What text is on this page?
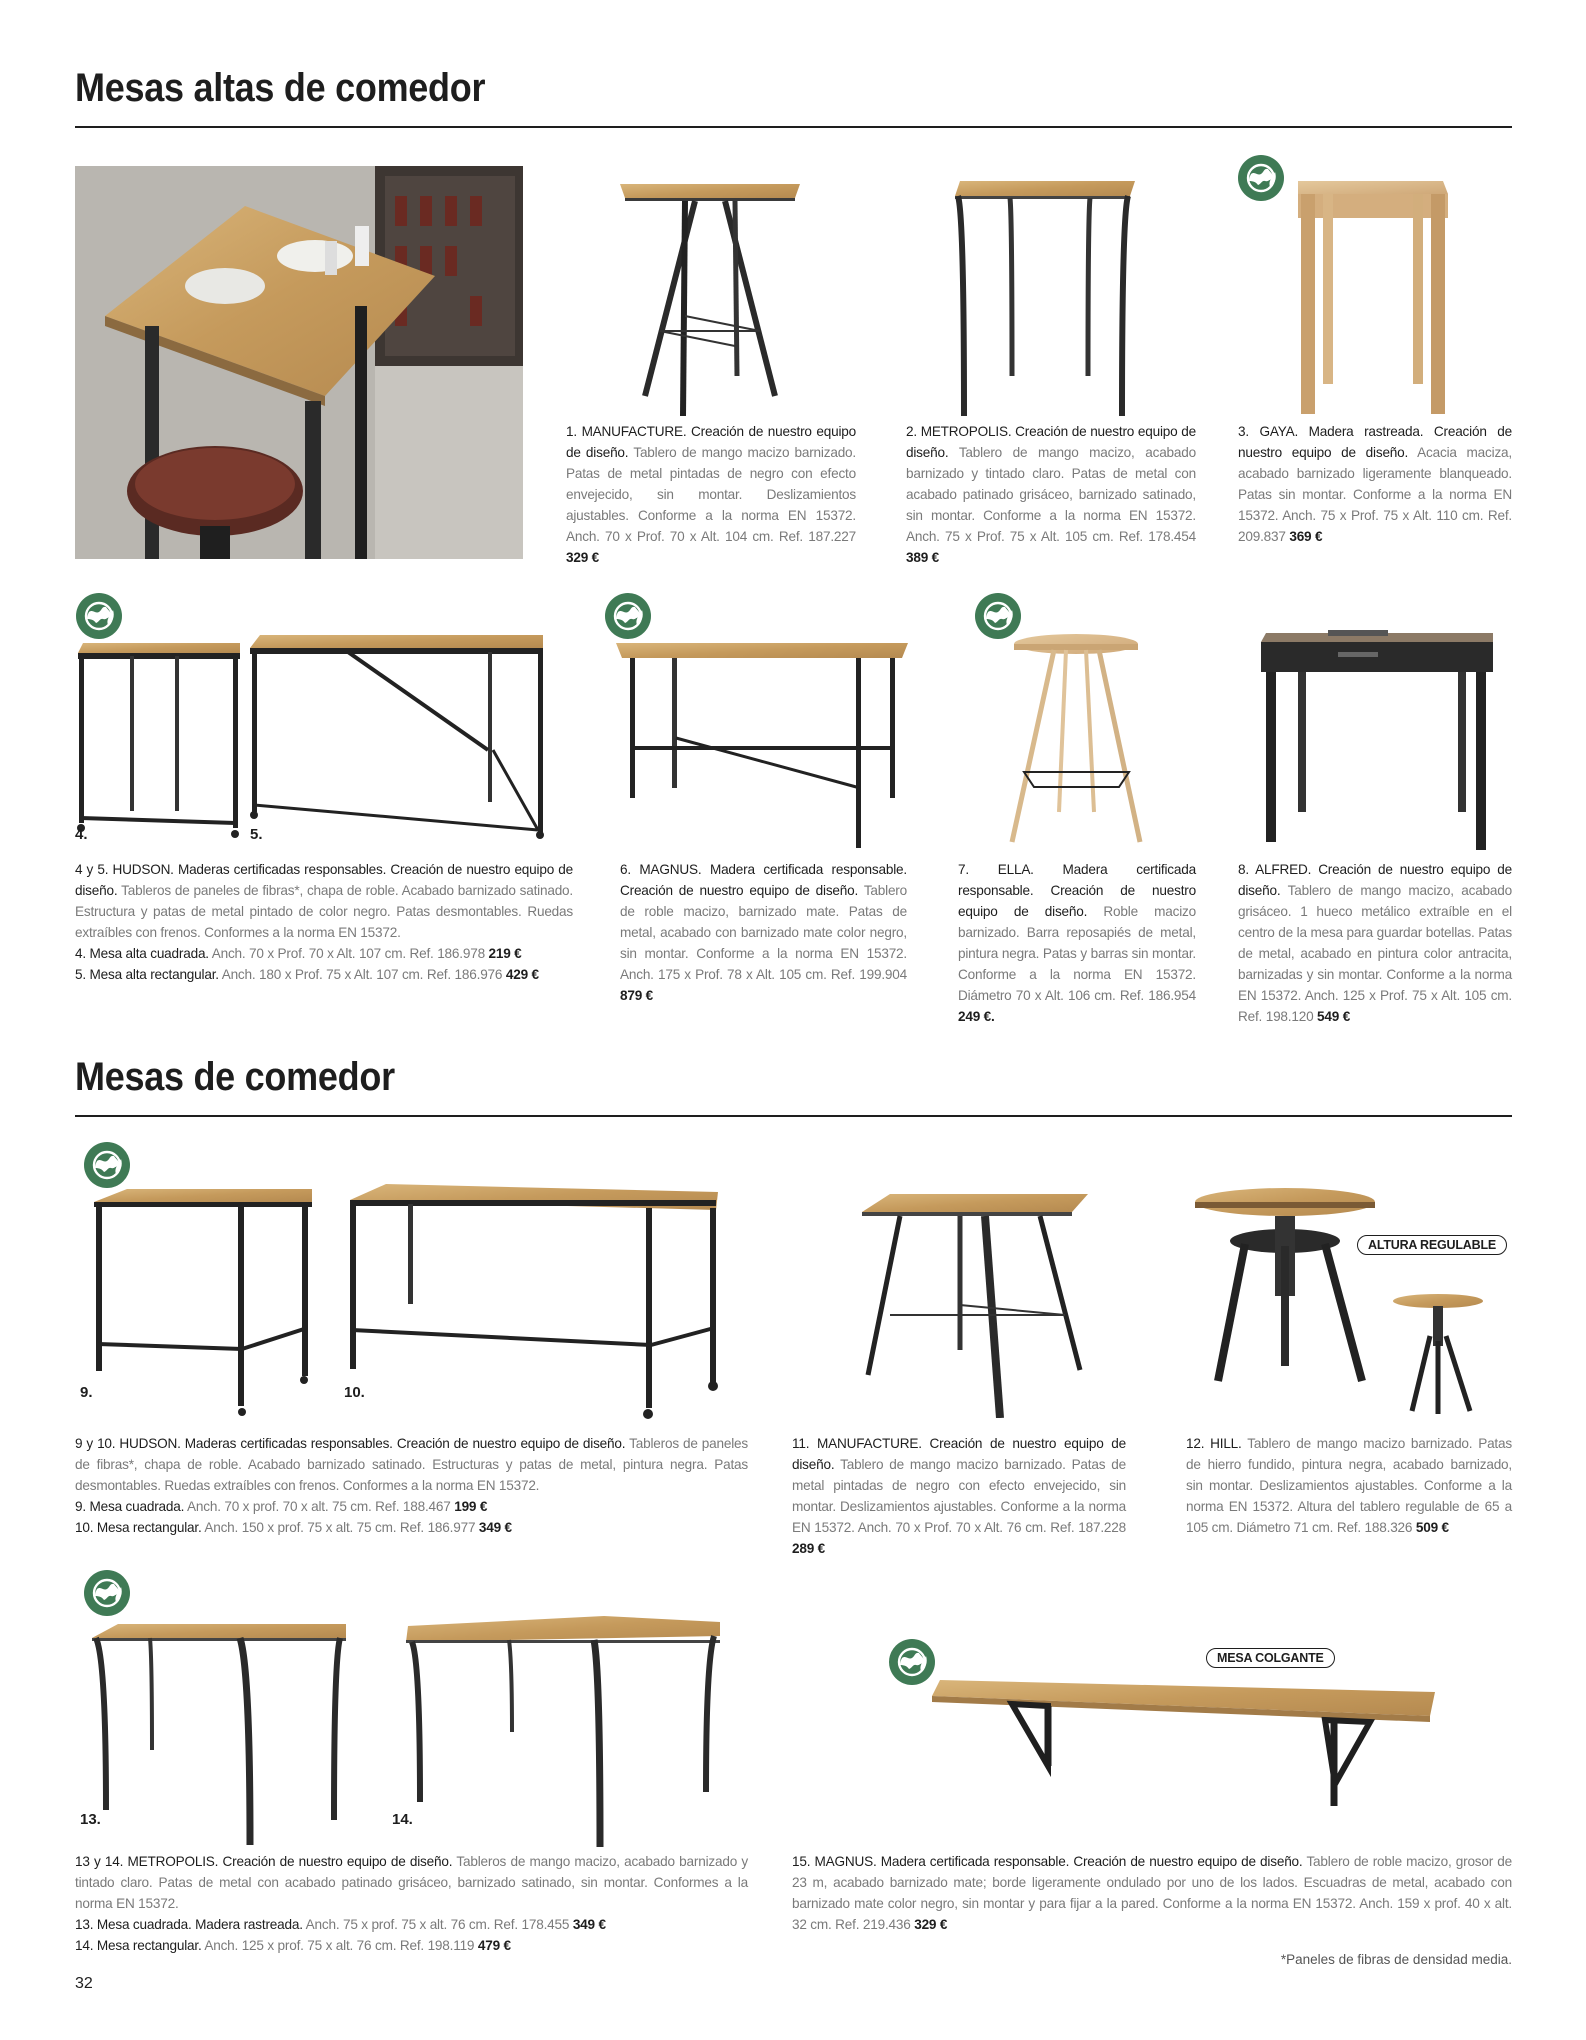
Mesas altas de comedor
1. MANUFACTURE. Creación de nuestro equipo de diseño. Tablero de mango macizo barnizado. Patas de metal pintadas de negro con efecto envejecido, sin montar. Deslizamientos ajustables. Conforme a la norma EN 15372. Anch. 70 x Prof. 70 x Alt. 104 cm. Ref. 187.227 329 €
2. METROPOLIS. Creación de nuestro equipo de diseño. Tablero de mango macizo, acabado barnizado y tintado claro. Patas de metal con acabado patinado grisáceo, barnizado satinado, sin montar. Conforme a la norma EN 15372. Anch. 75 x Prof. 75 x Alt. 105 cm. Ref. 178.454 389 €
3. GAYA. Madera rastreada. Creación de nuestro equipo de diseño. Acacia maciza, acabado barnizado ligeramente blanqueado. Patas sin montar. Conforme a la norma EN 15372. Anch. 75 x Prof. 75 x Alt. 110 cm. Ref. 209.837 369 €
4.	5.
4 y 5. HUDSON. Maderas certificadas responsables. Creación de nuestro equipo de diseño. Tableros de paneles de fibras*, chapa de roble. Acabado barnizado satinado. Estructura y patas de metal pintado de color negro. Patas desmontables. Ruedas extraíbles con frenos. Conformes a la norma EN 15372.
4. Mesa alta cuadrada. Anch. 70 x Prof. 70 x Alt. 107 cm. Ref. 186.978 219 €
5. Mesa alta rectangular. Anch. 180 x Prof. 75 x Alt. 107 cm. Ref. 186.976 429 €
6. MAGNUS. Madera certificada responsable. Creación de nuestro equipo de diseño. Tablero de roble macizo, barnizado mate. Patas de metal, acabado con barnizado mate color negro, sin montar. Conforme a la norma EN 15372. Anch. 175 x Prof. 78 x Alt. 105 cm. Ref. 199.904 879 €
7. ELLA. Madera certificada responsable. Creación de nuestro equipo de diseño. Roble macizo barnizado. Barra reposapiés de metal, pintura negra. Patas y barras sin montar. Conforme a la norma EN 15372. Diámetro 70 x Alt. 106 cm. Ref. 186.954 249 €.
8. ALFRED. Creación de nuestro equipo de diseño. Tablero de mango macizo, acabado grisáceo. 1 hueco metálico extraíble en el centro de la mesa para guardar botellas. Patas de metal, acabado en pintura color antracita, barnizadas y sin montar. Conforme a la norma EN 15372. Anch. 125 x Prof. 75 x Alt. 105 cm. Ref. 198.120 549 €
Mesas de comedor
9.	10.
ALTURA REGULABLE
9 y 10. HUDSON. Maderas certificadas responsables. Creación de nuestro equipo de diseño. Tableros de paneles de fibras*, chapa de roble. Acabado barnizado satinado. Estructuras y patas de metal, pintura negra. Patas desmontables. Ruedas extraíbles con frenos. Conformes a la norma EN 15372.
9. Mesa cuadrada. Anch. 70 x prof. 70 x alt. 75 cm. Ref. 188.467 199 €
10. Mesa rectangular. Anch. 150 x prof. 75 x alt. 75 cm. Ref. 186.977 349 €
11. MANUFACTURE. Creación de nuestro equipo de diseño. Tablero de mango macizo barnizado. Patas de metal pintadas de negro con efecto envejecido, sin montar. Deslizamientos ajustables. Conforme a la norma EN 15372. Anch. 70 x Prof. 70 x Alt. 76 cm. Ref. 187.228 289 €
12. HILL. Tablero de mango macizo barnizado. Patas de hierro fundido, pintura negra, acabado barnizado, sin montar. Deslizamientos ajustables. Conforme a la norma EN 15372. Altura del tablero regulable de 65 a 105 cm. Diámetro 71 cm. Ref. 188.326 509 €
13.	14.
MESA COLGANTE
13 y 14. METROPOLIS. Creación de nuestro equipo de diseño. Tableros de mango macizo, acabado barnizado y tintado claro. Patas de metal con acabado patinado grisáceo, barnizado satinado, sin montar. Conformes a la norma EN 15372.
13. Mesa cuadrada. Madera rastreada. Anch. 75 x prof. 75 x alt. 76 cm. Ref. 178.455 349 €
14. Mesa rectangular. Anch. 125 x prof. 75 x alt. 76 cm. Ref. 198.119 479 €
15. MAGNUS. Madera certificada responsable. Creación de nuestro equipo de diseño. Tablero de roble macizo, grosor de 23 m, acabado barnizado mate; borde ligeramente ondulado por uno de los lados. Escuadras de metal, acabado con barnizado mate color negro, sin montar y para fijar a la pared. Conforme a la norma EN 15372. Anch. 159 x prof. 40 x alt. 32 cm. Ref. 219.436 329 €
*Paneles de fibras de densidad media.
32
